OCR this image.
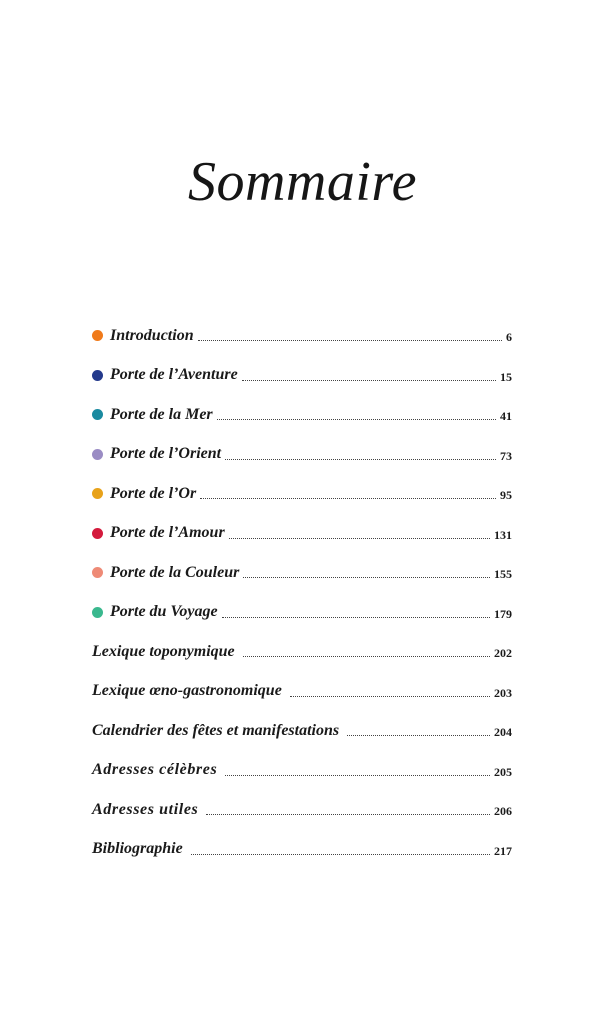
Sommaire
Introduction	6
Porte de l’Aventure	15
Porte de la Mer	41
Porte de l’Orient	73
Porte de l’Or	95
Porte de l’Amour	131
Porte de la Couleur	155
Porte du Voyage	179
Lexique toponymique	202
Lexique œno-gastronomique	203
Calendrier des fêtes et manifestations	204
Adresses célèbres	205
Adresses utiles	206
Bibliographie	217
